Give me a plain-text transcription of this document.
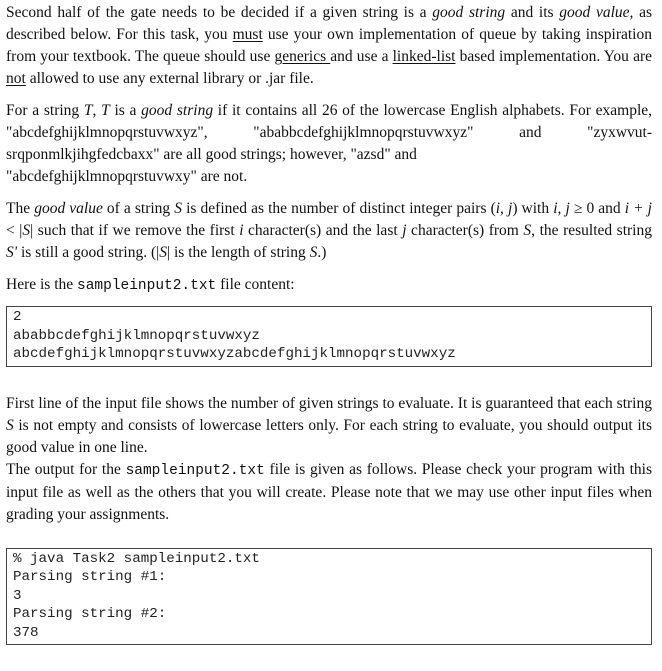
Second half of the gate needs to be decided if a given string is a good string and its good value, as described below. For this task, you must use your own implementation of queue by taking inspiration from your textbook. The queue should use generics and use a linked-list based implementation. You are not allowed to use any external library or .jar file.

For a string T, T is a good string if it contains all 26 of the lowercase English alphabets. For example, "abcdefghijklmnopqrstuvwxyz", "ababbcdefghijklmnopqrstuvwxyz" and "zyxwvut-srqponmlkjihgfedcbaxx" are all good strings; however, "azsd" and

"abcdefghijklmnopqrstuvwxy" are not.

The good value of a string S is defined as the number of distinct integer pairs (i, j) with i, j ≥ 0 and i + j < |S| such that if we remove the first i character(s) and the last j character(s) from S, the resulted string S' is still a good string. (|S| is the length of string S.)

Here is the sampleinput2.txt file content:

2
ababbcdefghijklmnopqrstuvwxyz
abcdefghijklmnopqrstuvwxyzabcdefghijklmnopqrstuvwxyz

First line of the input file shows the number of given strings to evaluate. It is guaranteed that each string S is not empty and consists of lowercase letters only. For each string to evaluate, you should output its good value in one line.

The output for the sampleinput2.txt file is given as follows. Please check your program with this input file as well as the others that you will create. Please note that we may use other input files when grading your assignments.

% java Task2 sampleinput2.txt
Parsing string #1:
3
Parsing string #2:
378
